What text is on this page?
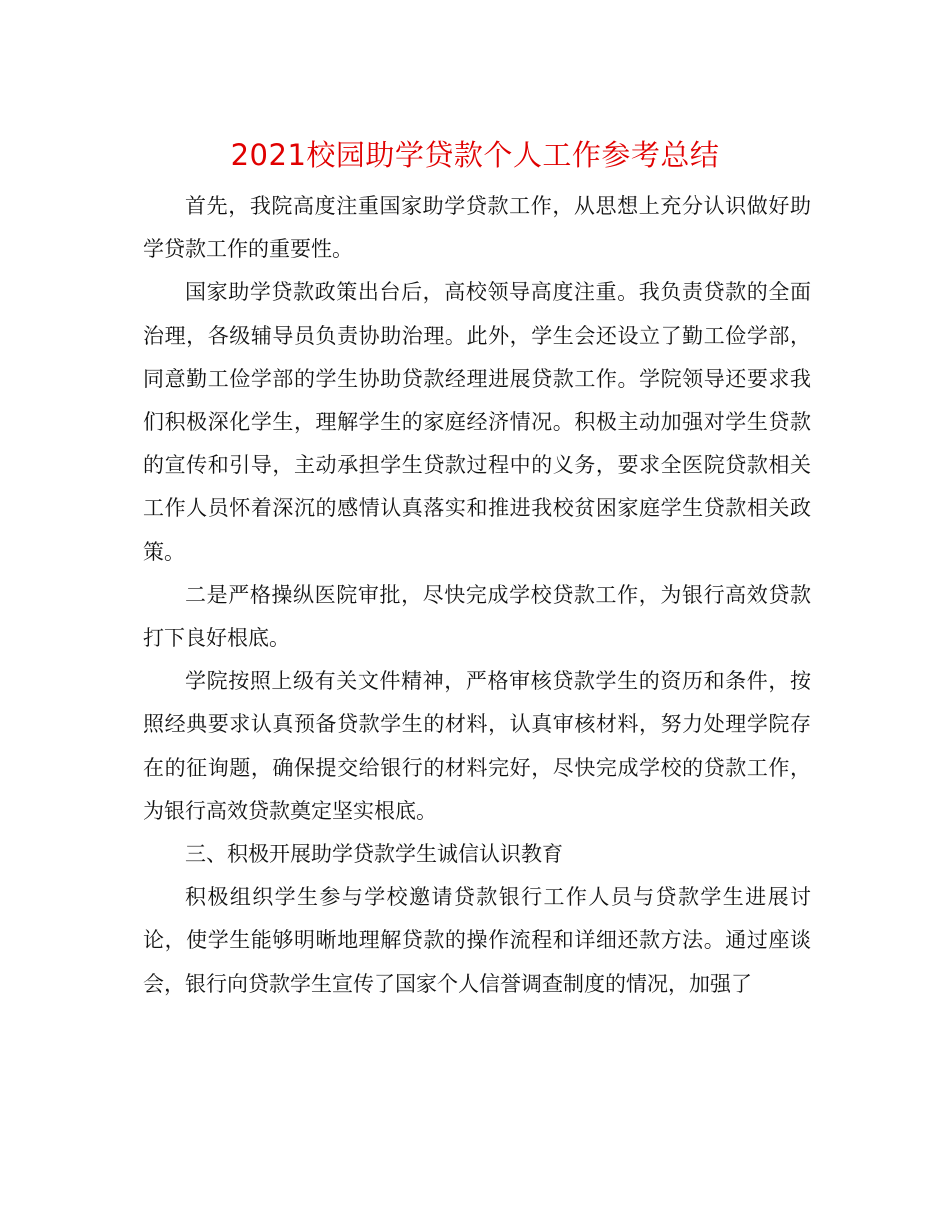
2021校园助学贷款个人工作参考总结

首先，我院高度注重国家助学贷款工作，从思想上充分认识做好助学贷款工作的重要性。

国家助学贷款政策出台后，高校领导高度注重。我负责贷款的全面治理，各级辅导员负责协助治理。此外，学生会还设立了勤工俭学部，同意勤工俭学部的学生协助贷款经理进展贷款工作。学院领导还要求我们积极深化学生，理解学生的家庭经济情况。积极主动加强对学生贷款的宣传和引导，主动承担学生贷款过程中的义务，要求全医院贷款相关工作人员怀着深沉的感情认真落实和推进我校贫困家庭学生贷款相关政策。

二是严格操纵医院审批，尽快完成学校贷款工作，为银行高效贷款打下良好根底。

学院按照上级有关文件精神，严格审核贷款学生的资历和条件，按照经典要求认真预备贷款学生的材料，认真审核材料，努力处理学院存在的征询题，确保提交给银行的材料完好，尽快完成学校的贷款工作，为银行高效贷款奠定坚实根底。

三、积极开展助学贷款学生诚信认识教育

积极组织学生参与学校邀请贷款银行工作人员与贷款学生进展讨论，使学生能够明晰地理解贷款的操作流程和详细还款方法。通过座谈会，银行向贷款学生宣传了国家个人信誉调查制度的情况，加强了
